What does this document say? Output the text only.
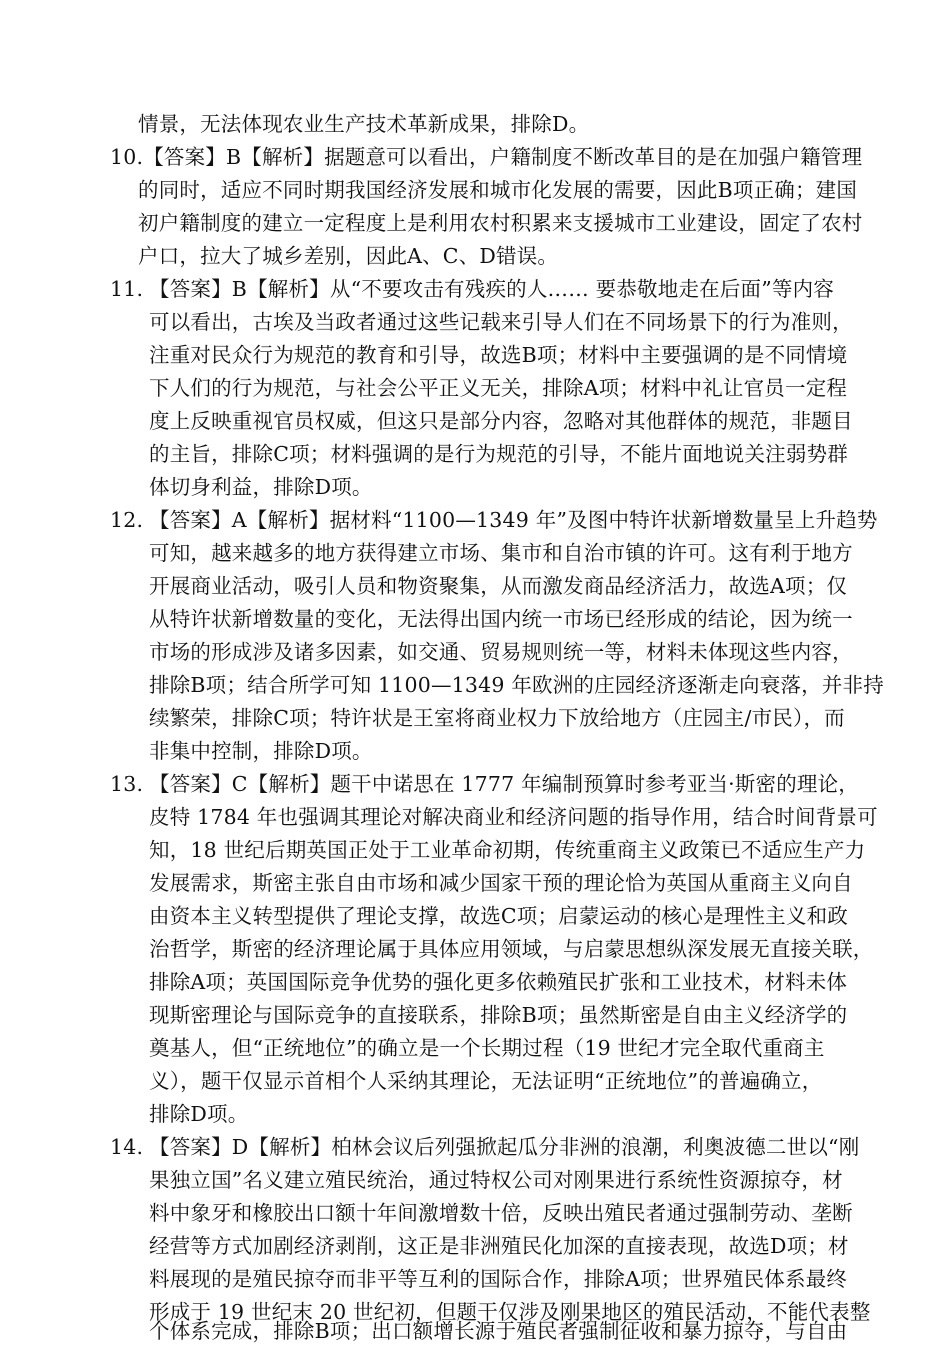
情景，无法体现农业生产技术革新成果，排除D。
10.【答案】B【解析】据题意可以看出，户籍制度不断改革目的是在加强户籍管理
的同时，适应不同时期我国经济发展和城市化发展的需要，因此B项正确；建国
初户籍制度的建立一定程度上是利用农村积累来支援城市工业建设，固定了农村
户口，拉大了城乡差别，因此A、C、D错误。
11. 【答案】B【解析】从“不要攻击有残疾的人…… 要恭敬地走在后面”等内容
可以看出，古埃及当政者通过这些记载来引导人们在不同场景下的行为准则，
注重对民众行为规范的教育和引导，故选B项；材料中主要强调的是不同情境
下人们的行为规范，与社会公平正义无关，排除A项；材料中礼让官员一定程
度上反映重视官员权威，但这只是部分内容，忽略对其他群体的规范，非题目
的主旨，排除C项；材料强调的是行为规范的引导，不能片面地说关注弱势群
体切身利益，排除D项。
12. 【答案】A【解析】据材料“1100—1349 年”及图中特许状新增数量呈上升趋势
可知，越来越多的地方获得建立市场、集市和自治市镇的许可。这有利于地方
开展商业活动，吸引人员和物资聚集，从而激发商品经济活力，故选A项；仅
从特许状新增数量的变化，无法得出国内统一市场已经形成的结论，因为统一
市场的形成涉及诸多因素，如交通、贸易规则统一等，材料未体现这些内容，
排除B项；结合所学可知 1100—1349 年欧洲的庄园经济逐渐走向衰落，并非持
续繁荣，排除C项；特许状是王室将商业权力下放给地方（庄园主/市民），而
非集中控制，排除D项。
13. 【答案】C【解析】题干中诺思在 1777 年编制预算时参考亚当·斯密的理论，
皮特 1784 年也强调其理论对解决商业和经济问题的指导作用，结合时间背景可
知，18 世纪后期英国正处于工业革命初期，传统重商主义政策已不适应生产力
发展需求，斯密主张自由市场和减少国家干预的理论恰为英国从重商主义向自
由资本主义转型提供了理论支撑，故选C项；启蒙运动的核心是理性主义和政
治哲学，斯密的经济理论属于具体应用领域，与启蒙思想纵深发展无直接关联，
排除A项；英国国际竞争优势的强化更多依赖殖民扩张和工业技术，材料未体
现斯密理论与国际竞争的直接联系，排除B项；虽然斯密是自由主义经济学的
奠基人，但“正统地位”的确立是一个长期过程（19 世纪才完全取代重商主
义），题干仅显示首相个人采纳其理论，无法证明“正统地位”的普遍确立，
排除D项。
14. 【答案】D【解析】柏林会议后列强掀起瓜分非洲的浪潮，利奥波德二世以“刚
果独立国”名义建立殖民统治，通过特权公司对刚果进行系统性资源掠夺，材
料中象牙和橡胶出口额十年间激增数十倍，反映出殖民者通过强制劳动、垄断
经营等方式加剧经济剥削，这正是非洲殖民化加深的直接表现，故选D项；材
料展现的是殖民掠夺而非平等互利的国际合作，排除A项；世界殖民体系最终
形成于 19 世纪末 20 世纪初，但题干仅涉及刚果地区的殖民活动，不能代表整
个体系完成，排除B项；出口额增长源于殖民者强制征收和暴力掠夺，与自由
